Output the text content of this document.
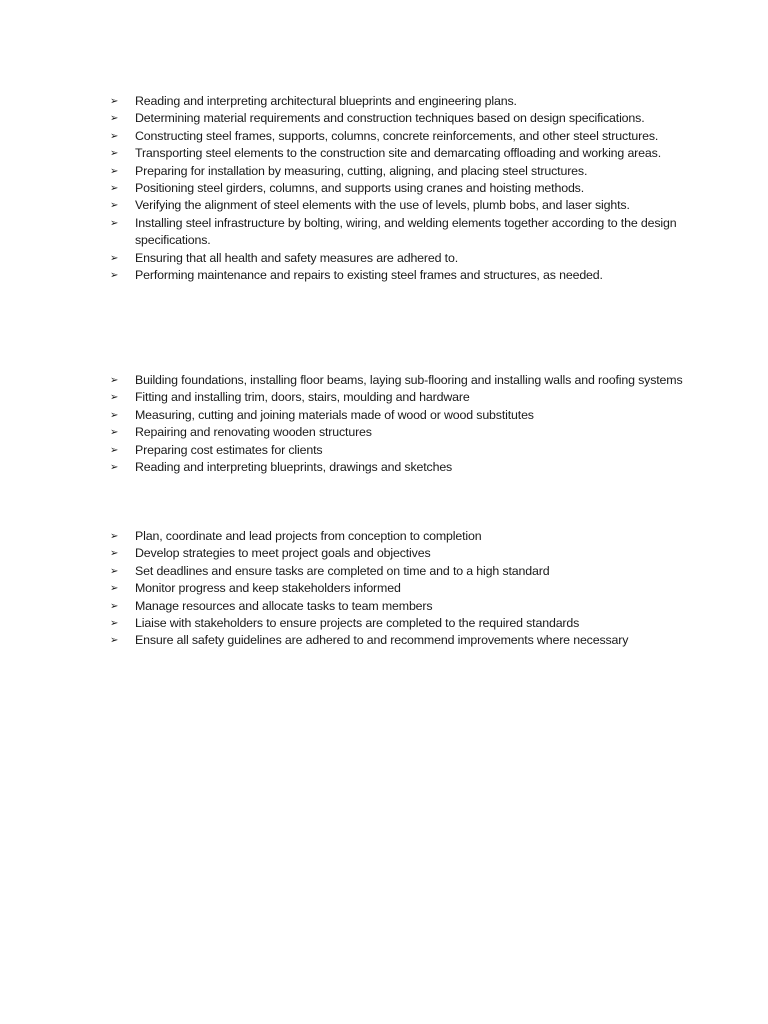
➢	Reading and interpreting architectural blueprints and engineering plans.
➢	Determining material requirements and construction techniques based on design specifications.
➢	Constructing steel frames, supports, columns, concrete reinforcements, and other steel structures.
➢	Transporting steel elements to the construction site and demarcating offloading and working areas.
➢	Preparing for installation by measuring, cutting, aligning, and placing steel structures.
➢	Positioning steel girders, columns, and supports using cranes and hoisting methods.
➢	Verifying the alignment of steel elements with the use of levels, plumb bobs, and laser sights.
➢	Installing steel infrastructure by bolting, wiring, and welding elements together according to the design specifications.
➢	Ensuring that all health and safety measures are adhered to.
➢	Performing maintenance and repairs to existing steel frames and structures, as needed.
➢	Building foundations, installing floor beams, laying sub-flooring and installing walls and roofing systems
➢	Fitting and installing trim, doors, stairs, moulding and hardware
➢	Measuring, cutting and joining materials made of wood or wood substitutes
➢	Repairing and renovating wooden structures
➢	Preparing cost estimates for clients
➢	Reading and interpreting blueprints, drawings and sketches
➢	Plan, coordinate and lead projects from conception to completion
➢	Develop strategies to meet project goals and objectives
➢	Set deadlines and ensure tasks are completed on time and to a high standard
➢	Monitor progress and keep stakeholders informed
➢	Manage resources and allocate tasks to team members
➢	Liaise with stakeholders to ensure projects are completed to the required standards
➢	Ensure all safety guidelines are adhered to and recommend improvements where necessary
